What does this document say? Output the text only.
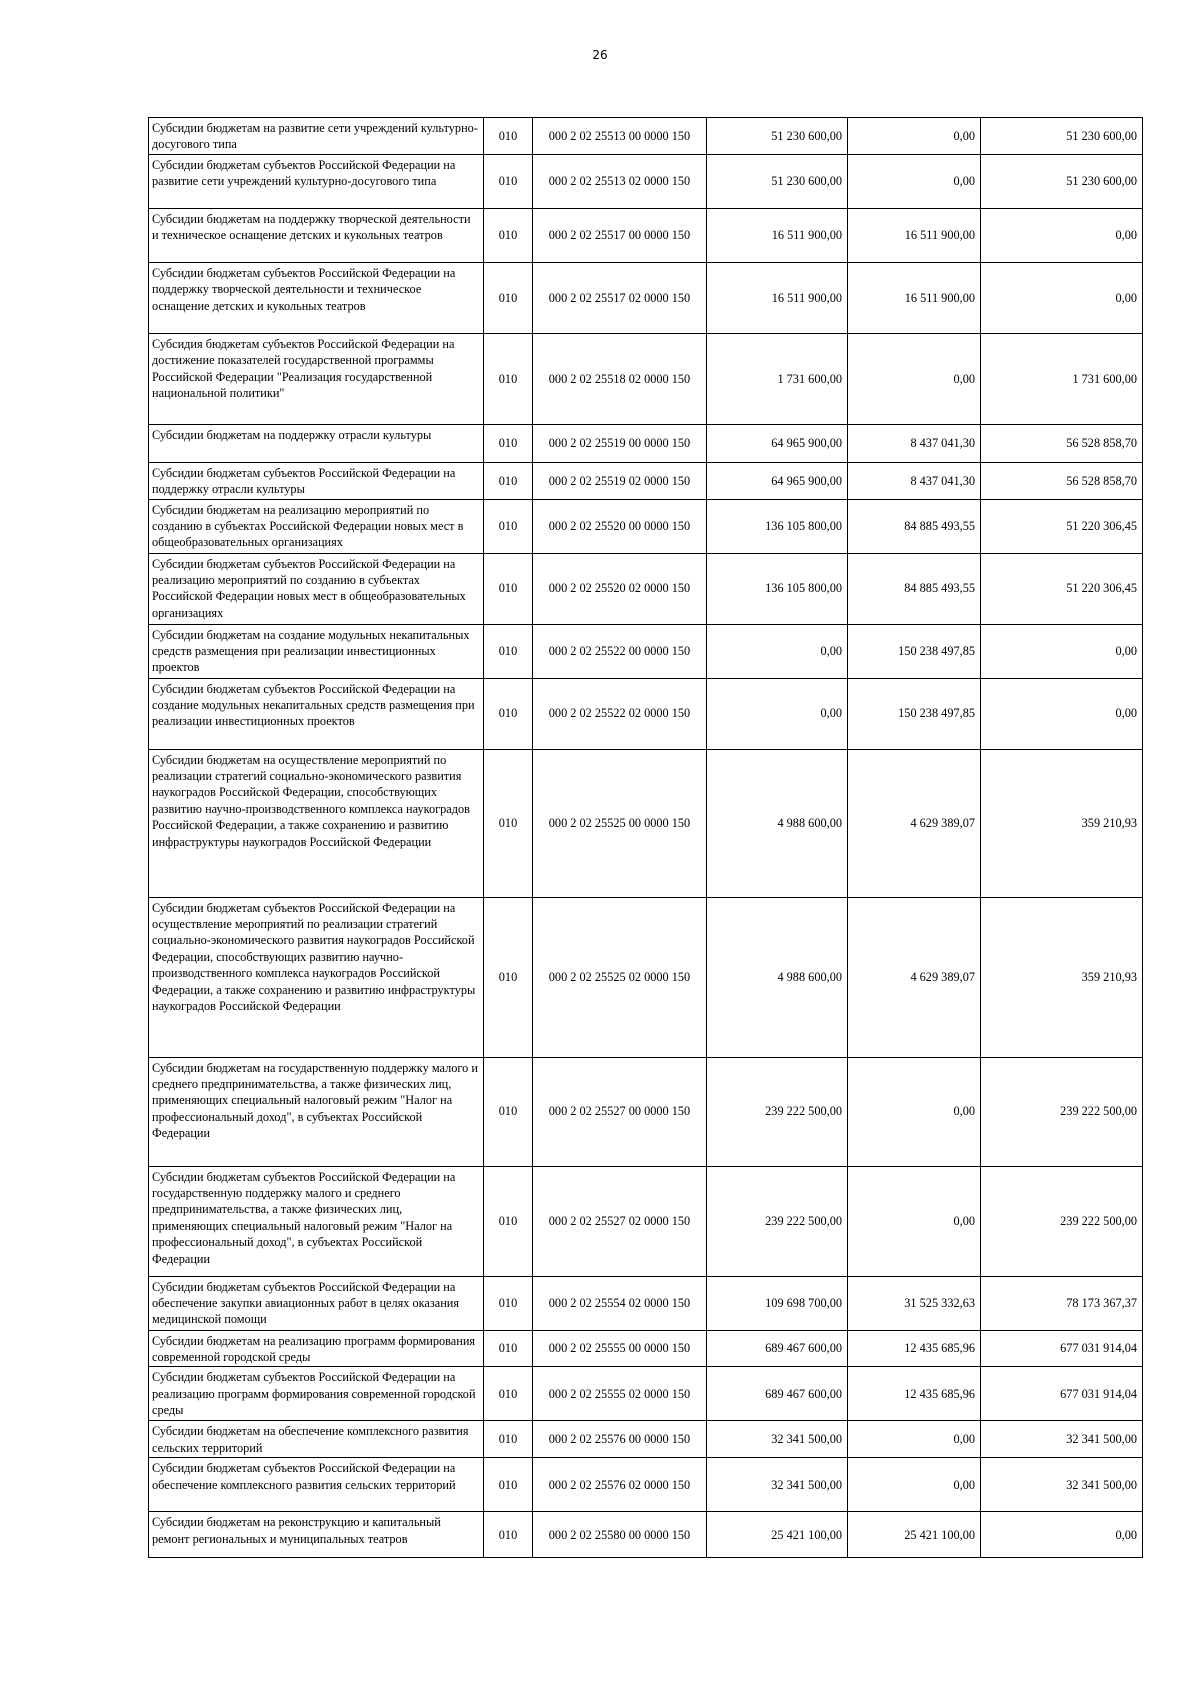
26
Субсидии бюджетам на развитие сети учреждений культурно-досугового типа	010	000 2 02 25513 00 0000 150	51 230 600,00	0,00	51 230 600,00
Субсидии бюджетам субъектов Российской Федерации на развитие сети учреждений культурно-досугового типа	010	000 2 02 25513 02 0000 150	51 230 600,00	0,00	51 230 600,00
Субсидии бюджетам на поддержку творческой деятельности и техническое оснащение детских и кукольных театров	010	000 2 02 25517 00 0000 150	16 511 900,00	16 511 900,00	0,00
Субсидии бюджетам субъектов Российской Федерации на поддержку творческой деятельности и техническое оснащение детских и кукольных театров	010	000 2 02 25517 02 0000 150	16 511 900,00	16 511 900,00	0,00
Субсидия бюджетам субъектов Российской Федерации на достижение показателей государственной программы Российской Федерации "Реализация государственной национальной политики"	010	000 2 02 25518 02 0000 150	1 731 600,00	0,00	1 731 600,00
Субсидии бюджетам на поддержку отрасли культуры	010	000 2 02 25519 00 0000 150	64 965 900,00	8 437 041,30	56 528 858,70
Субсидии бюджетам субъектов Российской Федерации на поддержку отрасли культуры	010	000 2 02 25519 02 0000 150	64 965 900,00	8 437 041,30	56 528 858,70
Субсидии бюджетам на реализацию мероприятий по созданию в субъектах Российской Федерации новых мест в общеобразовательных организациях	010	000 2 02 25520 00 0000 150	136 105 800,00	84 885 493,55	51 220 306,45
Субсидии бюджетам субъектов Российской Федерации на реализацию мероприятий по созданию в субъектах Российской Федерации новых мест в общеобразовательных организациях	010	000 2 02 25520 02 0000 150	136 105 800,00	84 885 493,55	51 220 306,45
Субсидии бюджетам на создание модульных некапитальных средств размещения при реализации инвестиционных проектов	010	000 2 02 25522 00 0000 150	0,00	150 238 497,85	0,00
Субсидии бюджетам субъектов Российской Федерации на создание модульных некапитальных средств размещения при реализации инвестиционных проектов	010	000 2 02 25522 02 0000 150	0,00	150 238 497,85	0,00
Субсидии бюджетам на осуществление мероприятий по реализации стратегий социально-экономического развития наукоградов Российской Федерации, способствующих развитию научно-производственного комплекса наукоградов Российской Федерации, а также сохранению и развитию инфраструктуры наукоградов Российской Федерации	010	000 2 02 25525 00 0000 150	4 988 600,00	4 629 389,07	359 210,93
Субсидии бюджетам субъектов Российской Федерации на осуществление мероприятий по реализации стратегий социально-экономического развития наукоградов Российской Федерации, способствующих развитию научно-производственного комплекса наукоградов Российской Федерации, а также сохранению и развитию инфраструктуры наукоградов Российской Федерации	010	000 2 02 25525 02 0000 150	4 988 600,00	4 629 389,07	359 210,93
Субсидии бюджетам на государственную поддержку малого и среднего предпринимательства, а также физических лиц, применяющих специальный налоговый режим "Налог на профессиональный доход", в субъектах Российской Федерации	010	000 2 02 25527 00 0000 150	239 222 500,00	0,00	239 222 500,00
Субсидии бюджетам субъектов Российской Федерации на государственную поддержку малого и среднего предпринимательства, а также физических лиц, применяющих специальный налоговый режим "Налог на профессиональный доход", в субъектах Российской Федерации	010	000 2 02 25527 02 0000 150	239 222 500,00	0,00	239 222 500,00
Субсидии бюджетам субъектов Российской Федерации на обеспечение закупки авиационных работ в целях оказания медицинской помощи	010	000 2 02 25554 02 0000 150	109 698 700,00	31 525 332,63	78 173 367,37
Субсидии бюджетам на реализацию программ формирования современной городской среды	010	000 2 02 25555 00 0000 150	689 467 600,00	12 435 685,96	677 031 914,04
Субсидии бюджетам субъектов Российской Федерации на реализацию программ формирования современной городской среды	010	000 2 02 25555 02 0000 150	689 467 600,00	12 435 685,96	677 031 914,04
Субсидии бюджетам на обеспечение комплексного развития сельских территорий	010	000 2 02 25576 00 0000 150	32 341 500,00	0,00	32 341 500,00
Субсидии бюджетам субъектов Российской Федерации на обеспечение комплексного развития сельских территорий	010	000 2 02 25576 02 0000 150	32 341 500,00	0,00	32 341 500,00
Субсидии бюджетам на реконструкцию и капитальный ремонт региональных и муниципальных театров	010	000 2 02 25580 00 0000 150	25 421 100,00	25 421 100,00	0,00
